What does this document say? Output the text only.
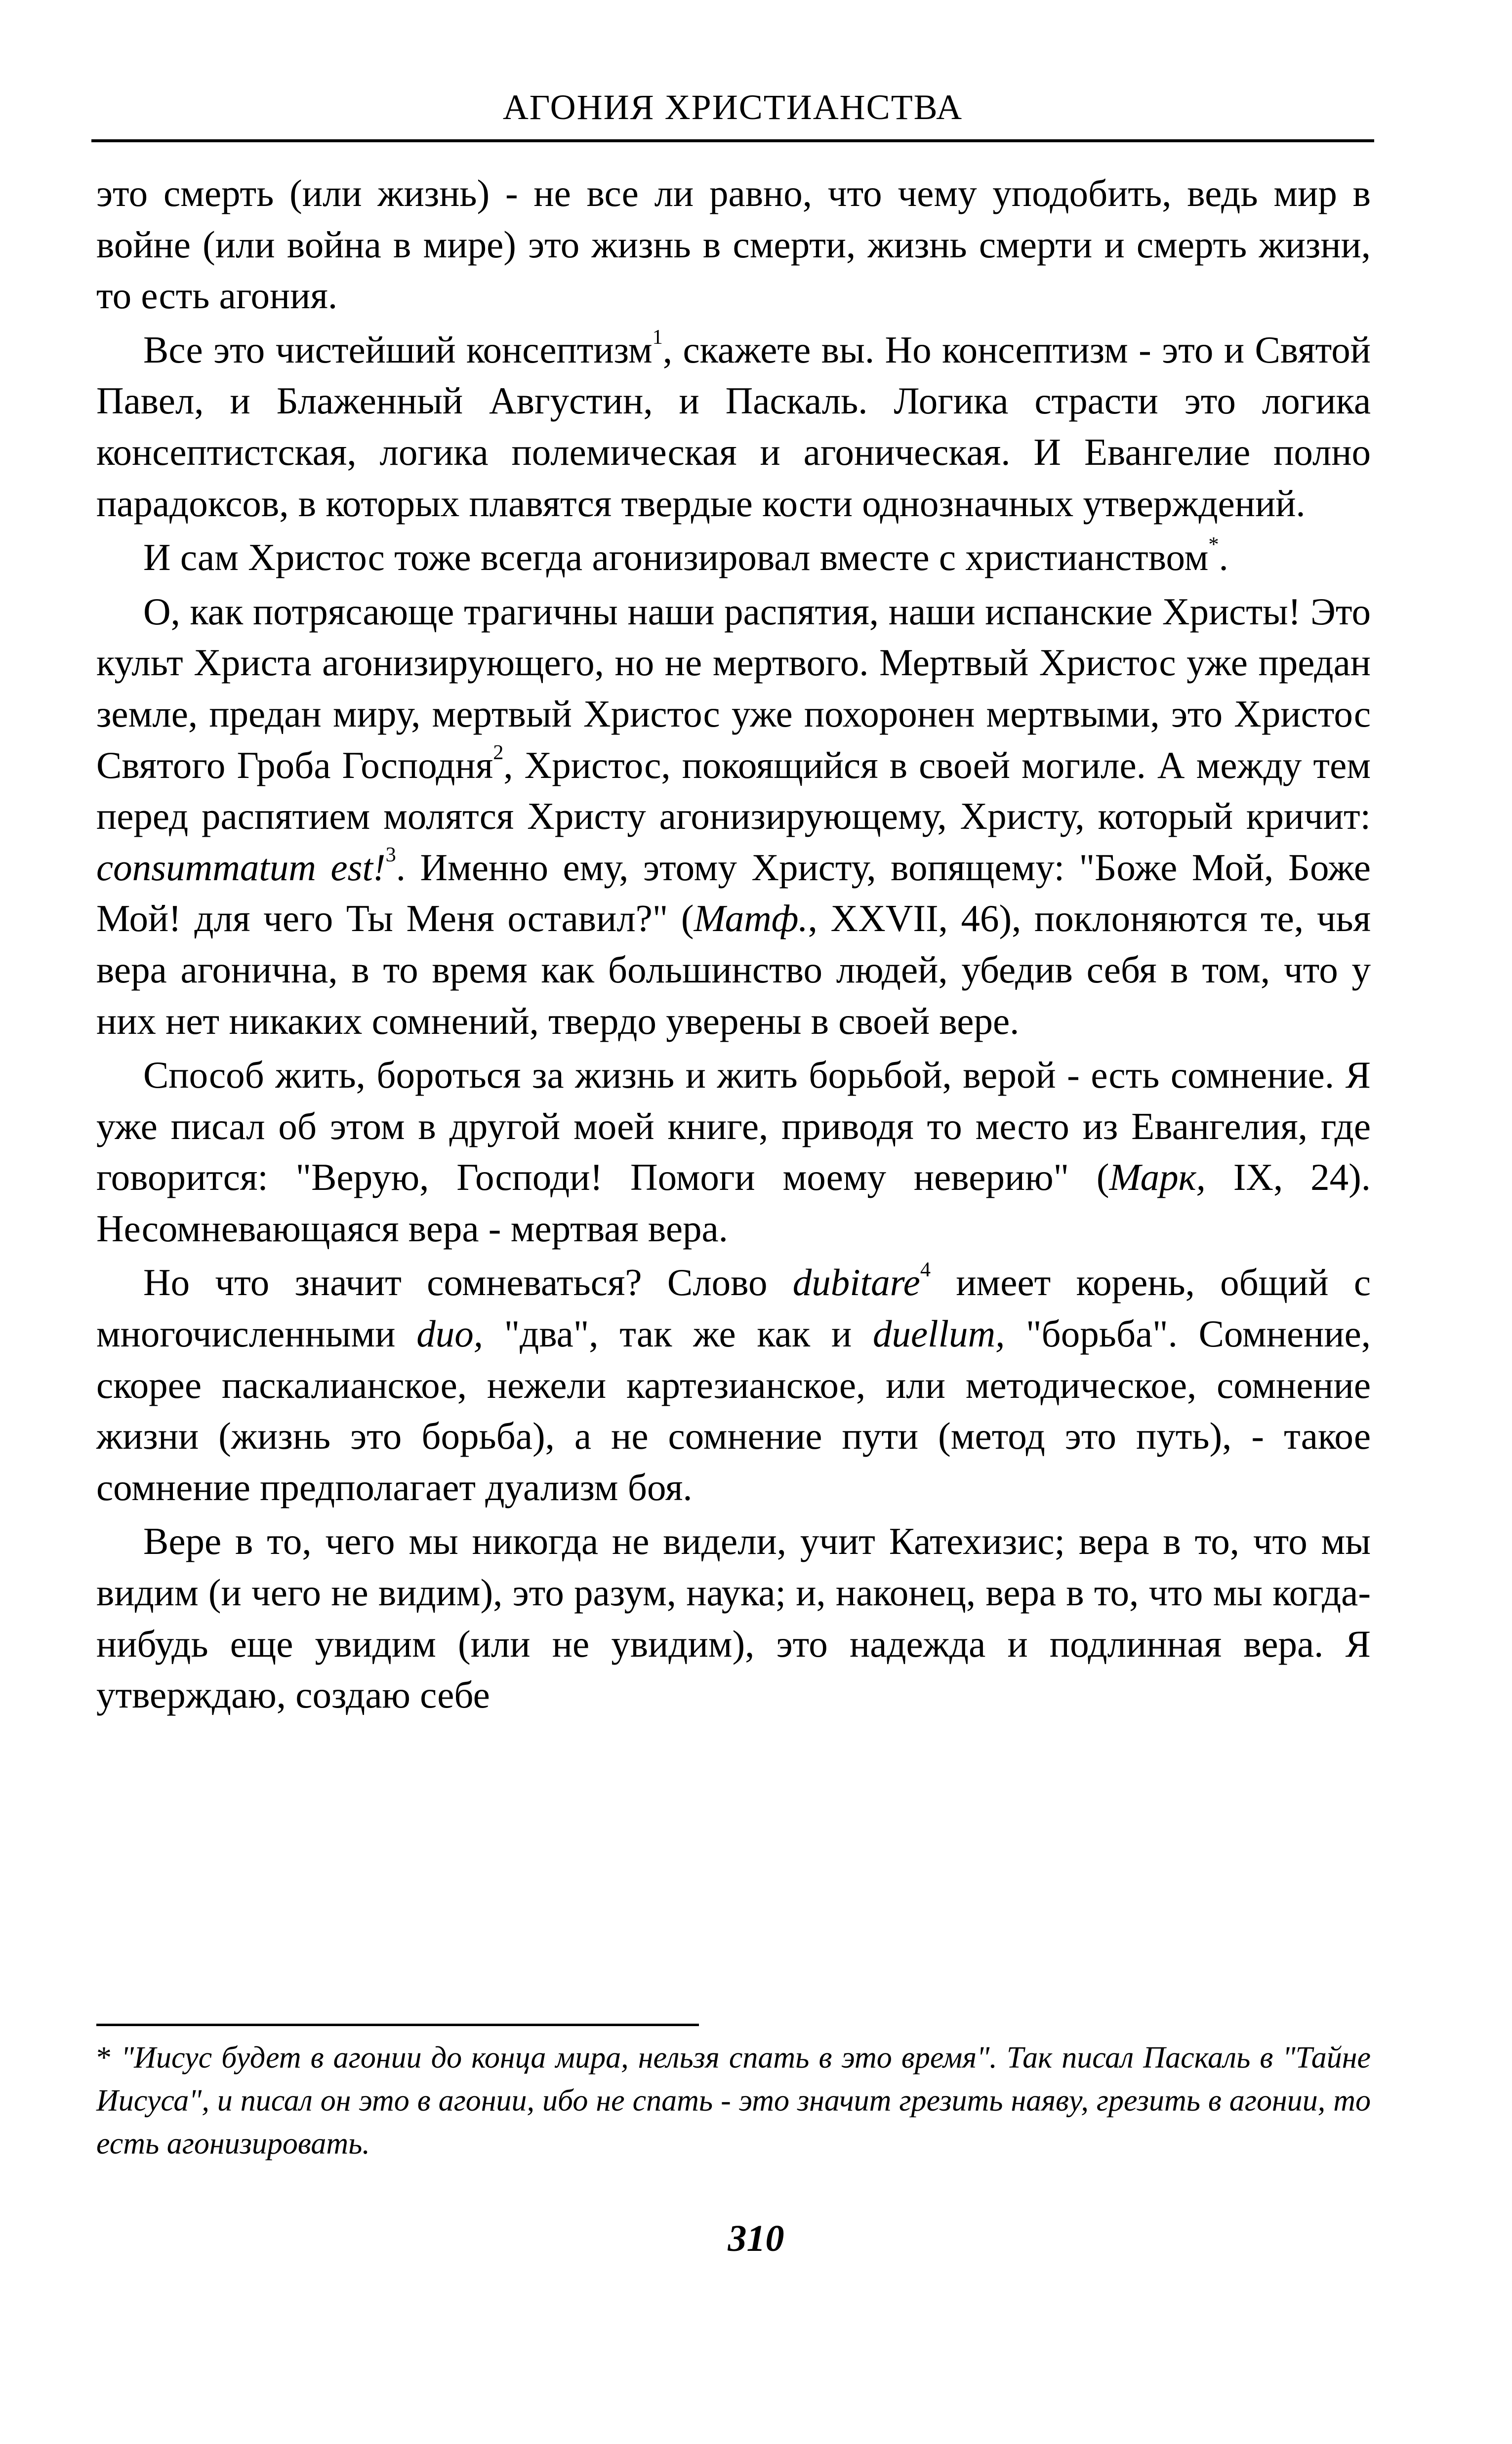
АГОНИЯ ХРИСТИАНСТВА

это смерть (или жизнь) - не все ли равно, что чему уподобить, ведь мир в войне (или война в мире) это жизнь в смерти, жизнь смерти и смерть жизни, то есть агония.

Все это чистейший консептизм$^1$, скажете вы. Но консептизм - это и Святой Павел, и Блаженный Августин, и Паскаль. Логика страсти это логика консептистская, логика полемическая и агоническая. И Евангелие полно парадоксов, в которых плавятся твердые кости однозначных утверждений.

И сам Христос тоже всегда агонизировал вместе с христианством*.

О, как потрясающе трагичны наши распятия, наши испанские Христы! Это культ Христа агонизирующего, но не мертвого. Мертвый Христос уже предан земле, предан миру, мертвый Христос уже похоронен мертвыми, это Христос Святого Гроба Господня$^2$, Христос, покоящийся в своей могиле. А между тем перед распятием молятся Христу агонизирующему, Христу, который кричит: consummatum est!$^3$. Именно ему, этому Христу, вопящему: "Боже Мой, Боже Мой! для чего Ты Меня оставил?" (Матф., XXVII, 46), поклоняются те, чья вера агонична, в то время как большинство людей, убедив себя в том, что у них нет никаких сомнений, твердо уверены в своей вере.

Способ жить, бороться за жизнь и жить борьбой, верой - есть сомнение. Я уже писал об этом в другой моей книге, приводя то место из Евангелия, где говорится: "Верую, Господи! Помоги моему неверию" (Марк, IX, 24). Несомневающаяся вера - мертвая вера.

Но что значит сомневаться? Слово dubitare$^4$ имеет корень, общий с многочисленными duo, "два", так же как и duellum, "борьба". Сомнение, скорее паскалианское, нежели картезианское, или методическое, сомнение жизни (жизнь это борьба), а не сомнение пути (метод это путь), - такое сомнение предполагает дуализм боя.

Вере в то, чего мы никогда не видели, учит Катехизис; вера в то, что мы видим (и чего не видим), это разум, наука; и, наконец, вера в то, что мы когда-нибудь еще увидим (или не увидим), это надежда и подлинная вера. Я утверждаю, создаю себе

* "Иисус будет в агонии до конца мира, нельзя спать в это время". Так писал Паскаль в "Тайне Иисуса", и писал он это в агонии, ибо не спать - это значит грезить наяву, грезить в агонии, то есть агонизировать.
310
